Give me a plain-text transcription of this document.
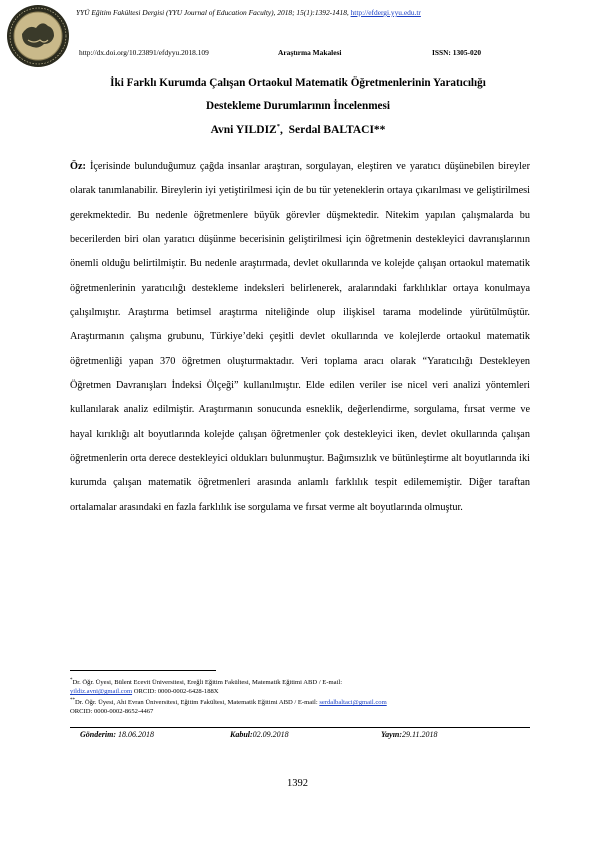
YYÜ Eğitim Fakültesi Dergisi (YYU Journal of Education Faculty), 2018; 15(1):1392-1418, http://efdergi.yyu.edu.tr
http://dx.doi.org/10.23891/efdyyu.2018.109	Araştırma Makalesi	ISSN: 1305-020
İki Farklı Kurumda Çalışan Ortaokul Matematik Öğretmenlerinin Yaratıcılığı
Destekleme Durumlarının İncelenmesi
Avni YILDIZ*,  Serdal BALTACI**

Öz: İçerisinde bulunduğumuz çağda insanlar araştıran, sorgulayan, eleştiren ve yaratıcı düşünebilen bireyler olarak tanımlanabilir. Bireylerin iyi yetiştirilmesi için de bu tür yeteneklerin ortaya çıkarılması ve geliştirilmesi gerekmektedir. Bu nedenle öğretmenlere büyük görevler düşmektedir. Nitekim yapılan çalışmalarda bu becerilerden biri olan yaratıcı düşünme becerisinin geliştirilmesi için öğretmenin destekleyici davranışlarının önemli olduğu belirtilmiştir. Bu nedenle araştırmada, devlet okullarında ve kolejde çalışan ortaokul matematik öğretmenlerinin yaratıcılığı destekleme indeksleri belirlenerek, aralarındaki farklılıklar ortaya konulmaya çalışılmıştır. Araştırma betimsel araştırma niteliğinde olup ilişkisel tarama modelinde yürütülmüştür. Araştırmanın çalışma grubunu, Türkiye’deki çeşitli devlet okullarında ve kolejlerde ortaokul matematik öğretmenliği yapan 370 öğretmen oluşturmaktadır. Veri toplama aracı olarak “Yaratıcılığı Destekleyen Öğretmen Davranışları İndeksi Ölçeği” kullanılmıştır. Elde edilen veriler ise nicel veri analizi yöntemleri kullanılarak analiz edilmiştir. Araştırmanın sonucunda esneklik, değerlendirme, sorgulama, fırsat verme ve hayal kırıklığı alt boyutlarında kolejde çalışan öğretmenler çok destekleyici iken, devlet okullarında çalışan öğretmenlerin orta derece destekleyici oldukları bulunmuştur. Bağımsızlık ve bütünleştirme alt boyutlarında iki kurumda çalışan matematik öğretmenleri arasında anlamlı farklılık tespit edilememiştir. Diğer taraftan ortalamalar arasındaki en fazla farklılık ise sorgulama ve fırsat verme alt boyutlarında olmuştur.

*Dr. Öğr. Üyesi, Bülent Ecevit Üniversitesi, Ereğli Eğitim Fakültesi, Matematik Eğitimi ABD / E-mail:
yildiz.avni@gmail.com ORCID: 0000-0002-6428-188X

**Dr. Öğr. Üyesi, Ahi Evran Üniversitesi, Eğitim Fakültesi, Matematik Eğitimi ABD / E-mail: serdalbaltaci@gmail.com
ORCID: 0000-0002-8652-4467

Gönderim: 18.06.2018	Kabul:02.09.2018	Yayın:29.11.2018
1392
